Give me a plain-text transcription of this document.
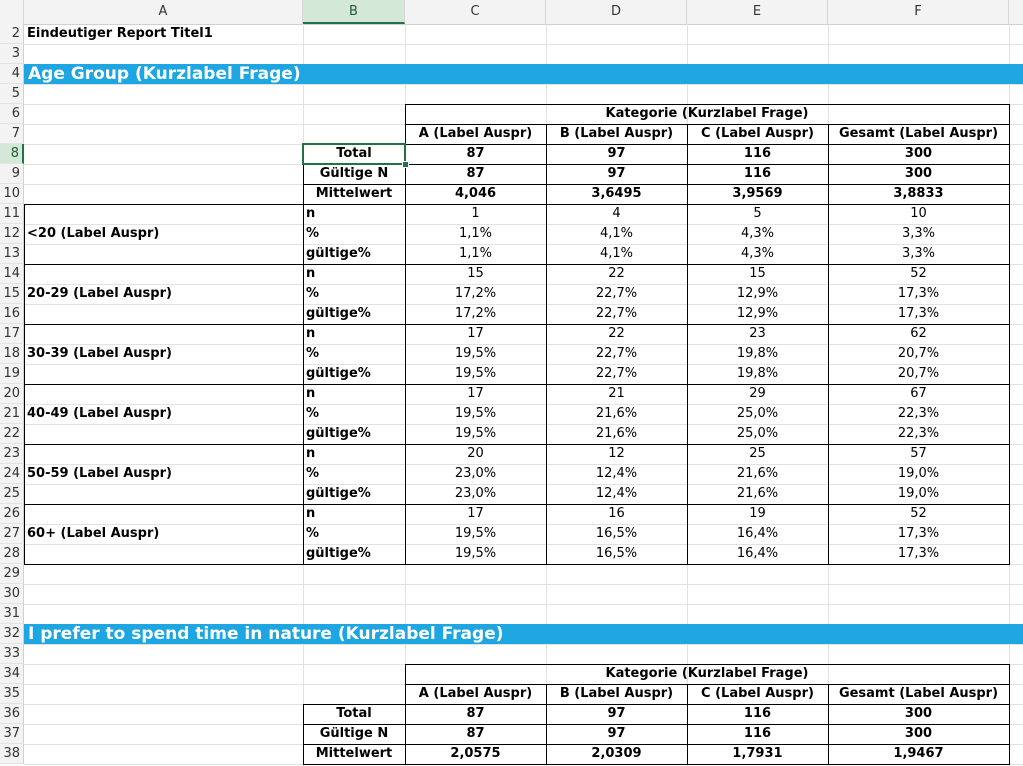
A	B	C	D	E	F
Eindeutiger Report Titel1
Age Group (Kurzlabel Frage)
Kategorie (Kurzlabel Frage)
A (Label Auspr)	B (Label Auspr)	C (Label Auspr)	Gesamt (Label Auspr)
Total	87	97	116	300
Gültige N	87	97	116	300
Mittelwert	4,046	3,6495	3,9569	3,8833
<20 (Label Auspr)
n	1	4	5	10
%	1,1%	4,1%	4,3%	3,3%
gültige%	1,1%	4,1%	4,3%	3,3%
20-29 (Label Auspr)
n	15	22	15	52
%	17,2%	22,7%	12,9%	17,3%
gültige%	17,2%	22,7%	12,9%	17,3%
30-39 (Label Auspr)
n	17	22	23	62
%	19,5%	22,7%	19,8%	20,7%
gültige%	19,5%	22,7%	19,8%	20,7%
40-49 (Label Auspr)
n	17	21	29	67
%	19,5%	21,6%	25,0%	22,3%
gültige%	19,5%	21,6%	25,0%	22,3%
50-59 (Label Auspr)
n	20	12	25	57
%	23,0%	12,4%	21,6%	19,0%
gültige%	23,0%	12,4%	21,6%	19,0%
60+ (Label Auspr)
n	17	16	19	52
%	19,5%	16,5%	16,4%	17,3%
gültige%	19,5%	16,5%	16,4%	17,3%
I prefer to spend time in nature (Kurzlabel Frage)
Kategorie (Kurzlabel Frage)
A (Label Auspr)	B (Label Auspr)	C (Label Auspr)	Gesamt (Label Auspr)
Total	87	97	116	300
Gültige N	87	97	116	300
Mittelwert	2,0575	2,0309	1,7931	1,9467
2
3
4
5
6
7
8
9
10
11
12
13
14
15
16
17
18
19
20
21
22
23
24
25
26
27
28
29
30
31
32
33
34
35
36
37
38
